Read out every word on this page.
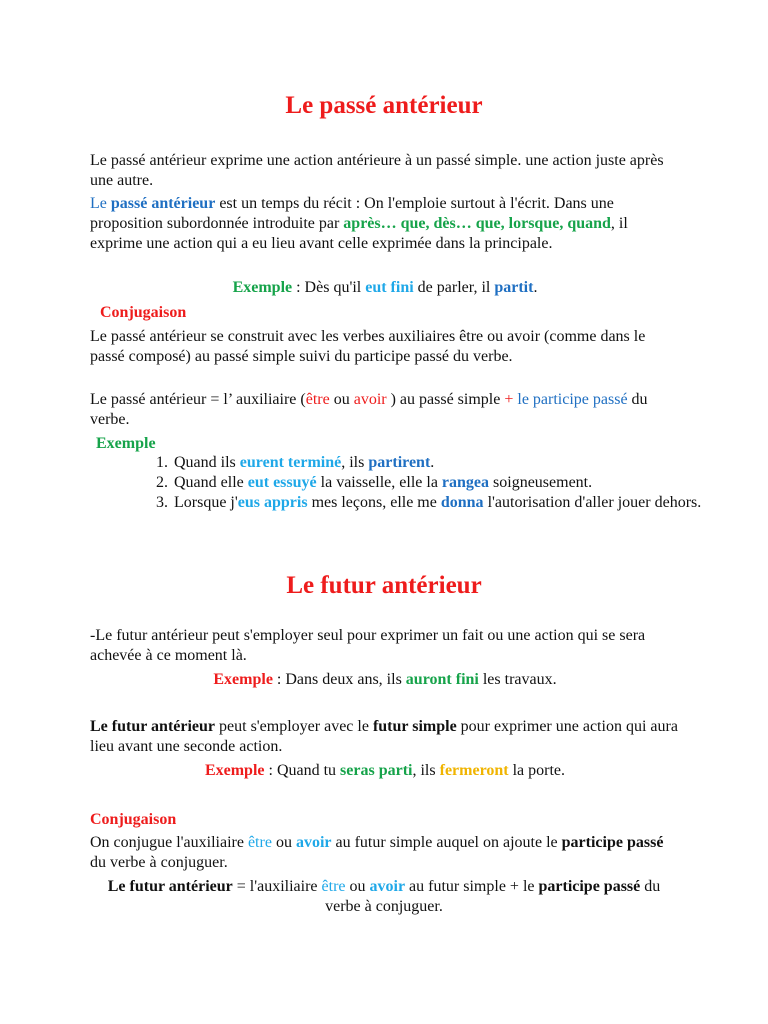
Le passé antérieur

Le passé antérieur exprime une action antérieure à un passé simple. une action juste après une autre.

Le passé antérieur est un temps du récit : On l'emploie surtout à l'écrit. Dans une proposition subordonnée introduite par après… que, dès… que, lorsque, quand, il exprime une action qui a eu lieu avant celle exprimée dans la principale.

Exemple : Dès qu'il eut fini de parler, il partit.

Conjugaison

Le passé antérieur se construit avec les verbes auxiliaires être ou avoir (comme dans le passé composé) au passé simple suivi du participe passé du verbe.

Le passé antérieur = l’ auxiliaire (être ou avoir ) au passé simple + le participe passé du verbe.

Exemple

1. Quand ils eurent terminé, ils partirent.
2. Quand elle eut essuyé la vaisselle, elle la rangea soigneusement.
3. Lorsque j'eus appris mes leçons, elle me donna l'autorisation d'aller jouer dehors.
Le futur antérieur

-Le futur antérieur peut s'employer seul pour exprimer un fait ou une action qui se sera achevée à ce moment là.

Exemple : Dans deux ans, ils auront fini les travaux.

Le futur antérieur peut s'employer avec le futur simple pour exprimer une action qui aura lieu avant une seconde action.

Exemple : Quand tu seras parti, ils fermeront la porte.

Conjugaison

On conjugue l'auxiliaire être ou avoir au futur simple auquel on ajoute le participe passé du verbe à conjuguer.

Le futur antérieur = l'auxiliaire être ou avoir au futur simple + le participe passé du verbe à conjuguer.
